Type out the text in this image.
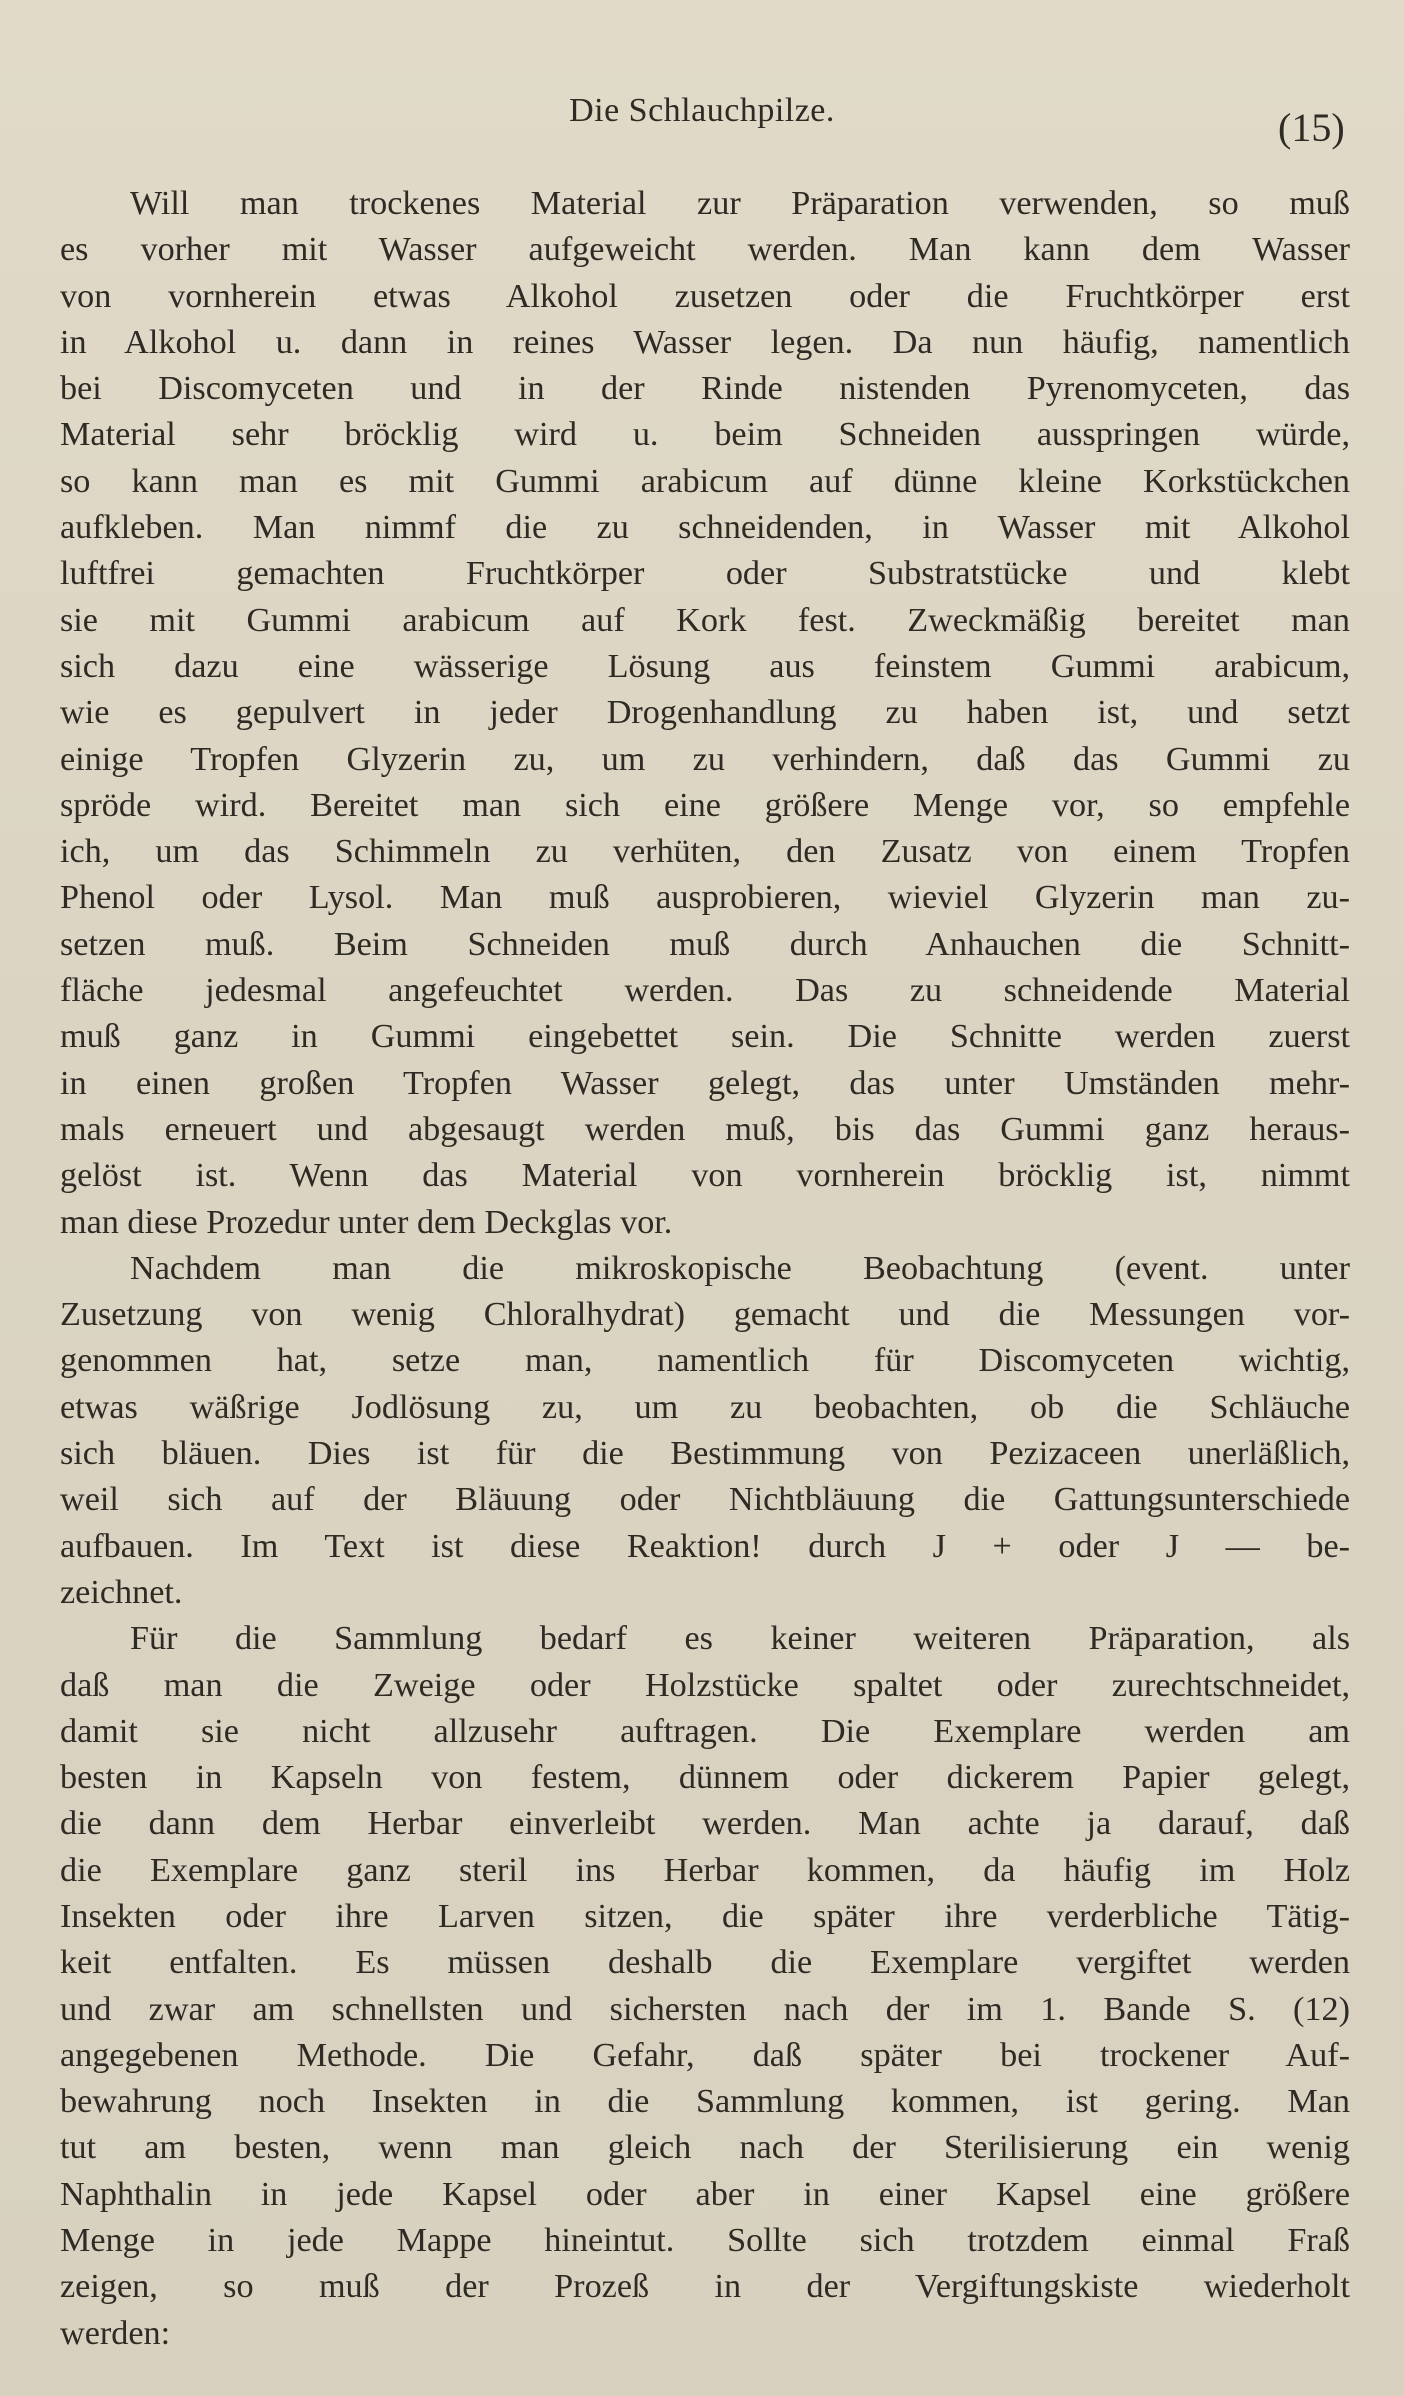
Die Schlauchpilze.	(15)
Will man trockenes Material zur Präparation verwenden, so muß
es vorher mit Wasser aufgeweicht werden. Man kann dem Wasser
von vornherein etwas Alkohol zusetzen oder die Fruchtkörper erst
in Alkohol u. dann in reines Wasser legen. Da nun häufig, namentlich
bei Discomyceten und in der Rinde nistenden Pyrenomyceten, das
Material sehr bröcklig wird u. beim Schneiden ausspringen würde,
so kann man es mit Gummi arabicum auf dünne kleine Korkstückchen
aufkleben. Man nimmf die zu schneidenden, in Wasser mit Alkohol
luftfrei gemachten Fruchtkörper oder Substratstücke und klebt
sie mit Gummi arabicum auf Kork fest. Zweckmäßig bereitet man
sich dazu eine wässerige Lösung aus feinstem Gummi arabicum,
wie es gepulvert in jeder Drogenhandlung zu haben ist, und setzt
einige Tropfen Glyzerin zu, um zu verhindern, daß das Gummi zu
spröde wird. Bereitet man sich eine größere Menge vor, so empfehle
ich, um das Schimmeln zu verhüten, den Zusatz von einem Tropfen
Phenol oder Lysol. Man muß ausprobieren, wieviel Glyzerin man zu-
setzen muß. Beim Schneiden muß durch Anhauchen die Schnitt-
fläche jedesmal angefeuchtet werden. Das zu schneidende Material
muß ganz in Gummi eingebettet sein. Die Schnitte werden zuerst
in einen großen Tropfen Wasser gelegt, das unter Umständen mehr-
mals erneuert und abgesaugt werden muß, bis das Gummi ganz heraus-
gelöst ist. Wenn das Material von vornherein bröcklig ist, nimmt
man diese Prozedur unter dem Deckglas vor.
Nachdem man die mikroskopische Beobachtung (event. unter
Zusetzung von wenig Chloralhydrat) gemacht und die Messungen vor-
genommen hat, setze man, namentlich für Discomyceten wichtig,
etwas wäßrige Jodlösung zu, um zu beobachten, ob die Schläuche
sich bläuen. Dies ist für die Bestimmung von Pezizaceen unerläßlich,
weil sich auf der Bläuung oder Nichtbläuung die Gattungsunterschiede
aufbauen. Im Text ist diese Reaktion! durch J + oder J — be-
zeichnet.
Für die Sammlung bedarf es keiner weiteren Präparation, als
daß man die Zweige oder Holzstücke spaltet oder zurechtschneidet,
damit sie nicht allzusehr auftragen. Die Exemplare werden am
besten in Kapseln von festem, dünnem oder dickerem Papier gelegt,
die dann dem Herbar einverleibt werden. Man achte ja darauf, daß
die Exemplare ganz steril ins Herbar kommen, da häufig im Holz
Insekten oder ihre Larven sitzen, die später ihre verderbliche Tätig-
keit entfalten. Es müssen deshalb die Exemplare vergiftet werden
und zwar am schnellsten und sichersten nach der im 1. Bande S. (12)
angegebenen Methode. Die Gefahr, daß später bei trockener Auf-
bewahrung noch Insekten in die Sammlung kommen, ist gering. Man
tut am besten, wenn man gleich nach der Sterilisierung ein wenig
Naphthalin in jede Kapsel oder aber in einer Kapsel eine größere
Menge in jede Mappe hineintut. Sollte sich trotzdem einmal Fraß
zeigen, so muß der Prozeß in der Vergiftungskiste wiederholt
werden:
